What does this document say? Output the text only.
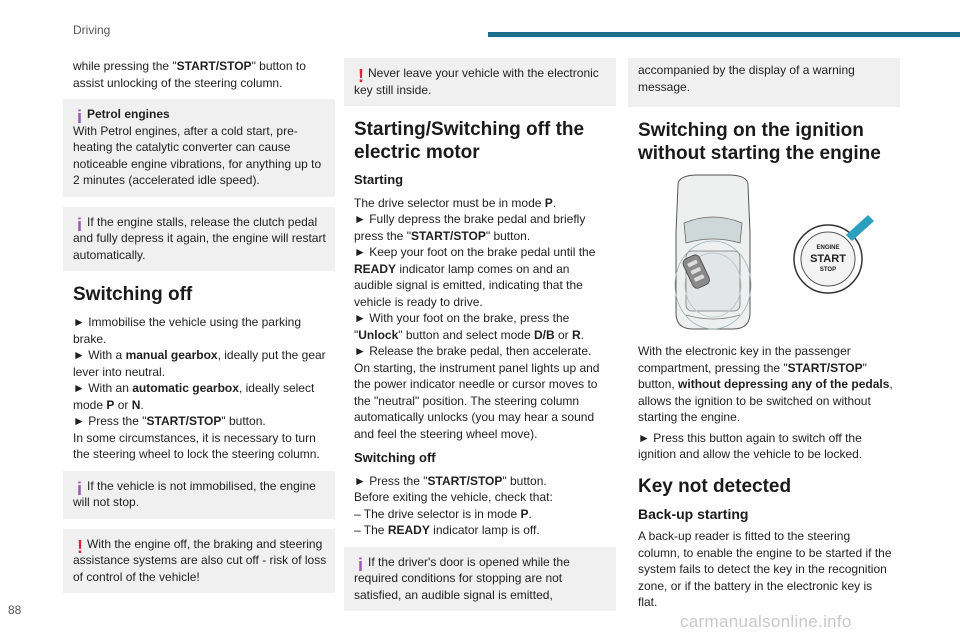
Driving

while pressing the "START/STOP" button to assist unlocking of the steering column.

i Petrol engines
With Petrol engines, after a cold start, pre-heating the catalytic converter can cause noticeable engine vibrations, for anything up to 2 minutes (accelerated idle speed).
i If the engine stalls, release the clutch pedal and fully depress it again, the engine will restart automatically.
Switching off

► Immobilise the vehicle using the parking brake.

► With a manual gearbox, ideally put the gear lever into neutral.

► With an automatic gearbox, ideally select mode P or N.

► Press the "START/STOP" button.

In some circumstances, it is necessary to turn the steering wheel to lock the steering column.

i If the vehicle is not immobilised, the engine will not stop.
! With the engine off, the braking and steering assistance systems are also cut off - risk of loss of control of the vehicle!
! Never leave your vehicle with the electronic key still inside.
Starting/Switching off the electric motor
Starting

The drive selector must be in mode P.

► Fully depress the brake pedal and briefly press the "START/STOP" button.

► Keep your foot on the brake pedal until the READY indicator lamp comes on and an audible signal is emitted, indicating that the vehicle is ready to drive.

► With your foot on the brake, press the "Unlock" button and select mode D/B or R.

► Release the brake pedal, then accelerate.

On starting, the instrument panel lights up and the power indicator needle or cursor moves to the "neutral" position. The steering column automatically unlocks (you may hear a sound and feel the steering wheel move).

Switching off

► Press the "START/STOP" button.

Before exiting the vehicle, check that:

– The drive selector is in mode P.

– The READY indicator lamp is off.

i If the driver's door is opened while the required conditions for stopping are not satisfied, an audible signal is emitted,
accompanied by the display of a warning message.
Switching on the ignition without starting the engine
ENGINE
START
STOP

With the electronic key in the passenger compartment, pressing the "START/STOP" button, without depressing any of the pedals, allows the ignition to be switched on without starting the engine.

► Press this button again to switch off the ignition and allow the vehicle to be locked.

Key not detected
Back-up starting

A back-up reader is fitted to the steering column, to enable the engine to be started if the system fails to detect the key in the recognition zone, or if the battery in the electronic key is flat.

88
carmanualsonline.info
